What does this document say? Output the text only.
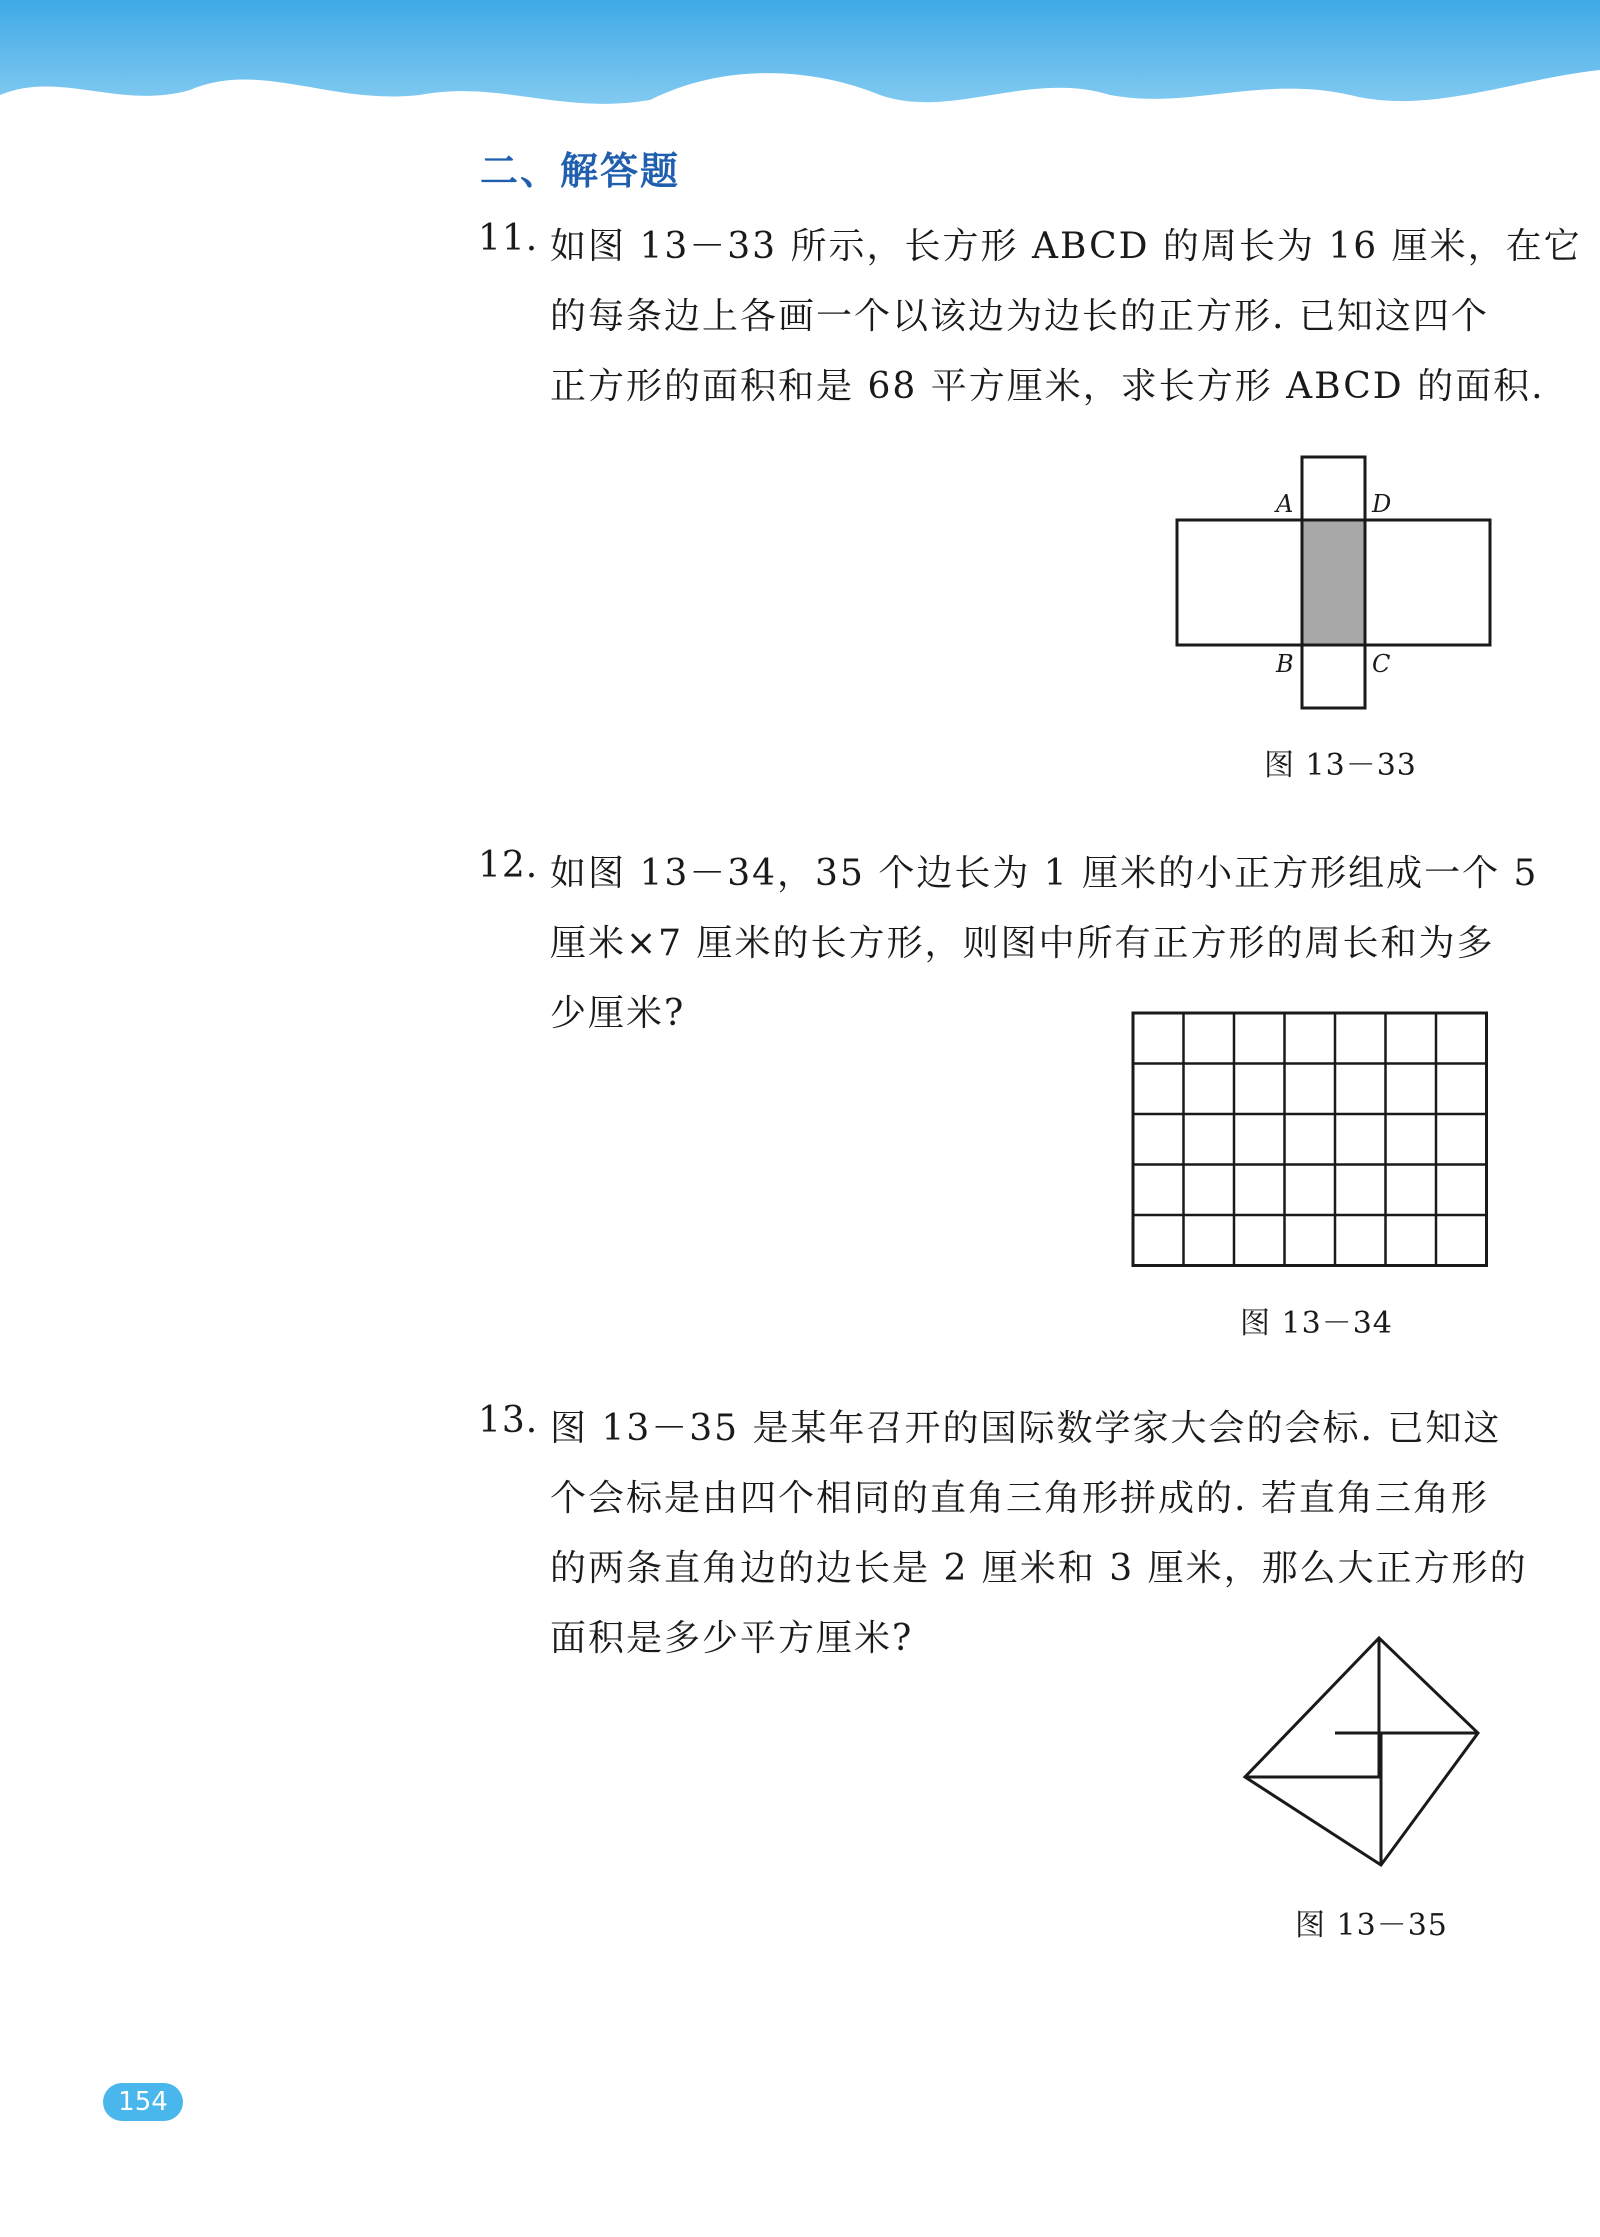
二、解答题
11. 如图 13－33 所示，长方形 ABCD 的周长为 16 厘米，在它
的每条边上各画一个以该边为边长的正方形. 已知这四个
正方形的面积和是 68 平方厘米，求长方形 ABCD 的面积.
A	D
B	C
图 13－33
12. 如图 13－34，35 个边长为 1 厘米的小正方形组成一个 5
厘米×7 厘米的长方形，则图中所有正方形的周长和为多
少厘米?
图 13－34
13. 图 13－35 是某年召开的国际数学家大会的会标. 已知这
个会标是由四个相同的直角三角形拼成的. 若直角三角形
的两条直角边的边长是 2 厘米和 3 厘米，那么大正方形的
面积是多少平方厘米?
图 13－35
154
